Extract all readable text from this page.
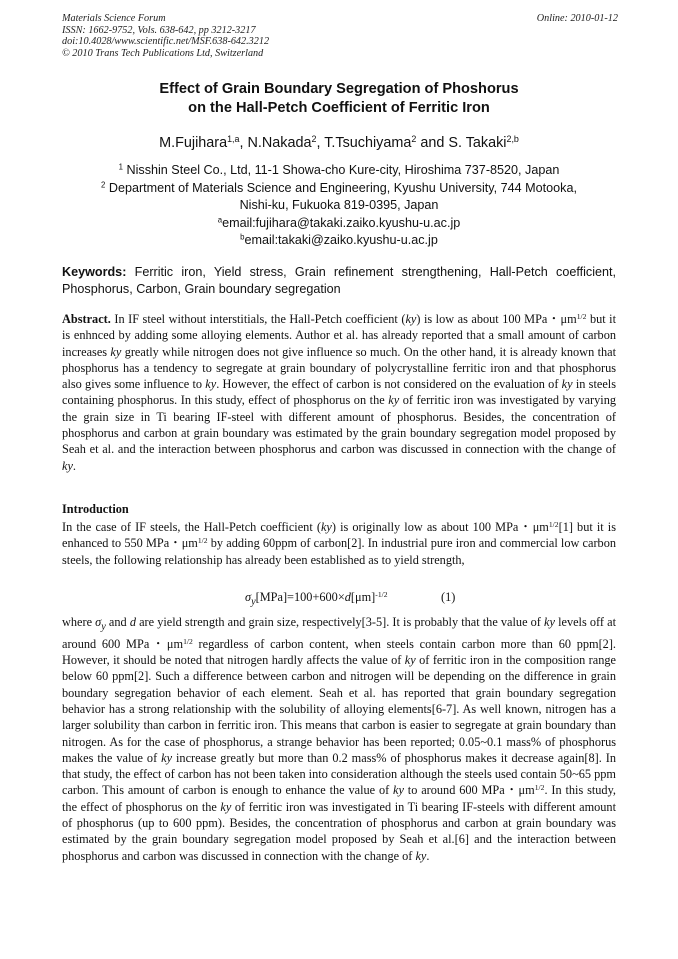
Materials Science Forum
ISSN: 1662-9752, Vols. 638-642, pp 3212-3217
doi:10.4028/www.scientific.net/MSF.638-642.3212
© 2010 Trans Tech Publications Ltd, Switzerland
Online: 2010-01-12
Effect of Grain Boundary Segregation of Phoshorus
on the Hall-Petch Coefficient of Ferritic Iron
M.Fujihara$^{1,a}$, N.Nakada$^2$, T.Tsuchiyama$^2$ and S. Takaki$^{2,b}$
$^1$ Nisshin Steel Co., Ltd, 11-1 Showa-cho Kure-city, Hiroshima 737-8520, Japan
$^2$ Department of Materials Science and Engineering, Kyushu University, 744 Motooka,
Nishi-ku, Fukuoka 819-0395, Japan
$^a$email:fujihara@takaki.zaiko.kyushu-u.ac.jp
$^b$email:takaki@zaiko.kyushu-u.ac.jp
Keywords: Ferritic iron, Yield stress, Grain refinement strengthening, Hall-Petch coefficient, Phosphorus, Carbon, Grain boundary segregation
Abstract. In IF steel without interstitials, the Hall-Petch coefficient (ky) is low as about 100 MPa・$\mu m^{1/2}$ but it is enhnced by adding some alloying elements. Author et al. has already reported that a small amount of carbon increases ky greatly while nitrogen does not give influence so much. On the other hand, it is already known that phosphorus has a tendency to segregate at grain boundary of polycrystalline ferritic iron and that phosphorus also gives some influence to ky. However, the effect of carbon is not considered on the evaluation of ky in steels containing phosphorus. In this study, effect of phosphorus on the ky of ferritic iron was investigated by varying the grain size in Ti bearing IF-steel with different amount of phosphorus. Besides, the concentration of phosphorus and carbon at grain boundary was estimated by the grain boundary segregation model proposed by Seah et al. and the interaction between phosphorus and carbon was discussed in connection with the change of ky.
Introduction
In the case of IF steels, the Hall-Petch coefficient (ky) is originally low as about 100 MPa・$\mu m^{1/2}[1]$ but it is enhanced to 550 MPa・$\mu m^{1/2}$ by adding 60ppm of carbon[2]. In industrial pure iron and commercial low carbon steels, the following relationship has already been established as to yield strength,
$\sigma_y[MPa]=100+600\times d[\mu m]^{-1/2}$	(1)
where $\sigma_y$ and d are yield strength and grain size, respectively[3-5]. It is probably that the value of ky levels off at around 600 MPa・$\mu m^{1/2}$ regardless of carbon content, when steels contain carbon more than 60 ppm[2]. However, it should be noted that nitrogen hardly affects the value of ky of ferritic iron in the composition range below 60 ppm[2]. Such a difference between carbon and nitrogen will be depending on the difference in grain boundary segregation behavior of each element. Seah et al. has reported that grain boundary segregation behavior has a strong relationship with the solubility of alloying elements[6-7]. As well known, nitrogen has a larger solubility than carbon in ferritic iron. This means that carbon is easier to segregate at grain boundary than nitrogen. As for the case of phosphorus, a strange behavior has been reported; 0.05~0.1 mass% of phosphorus makes the value of ky increase greatly but more than 0.2 mass% of phosphorus makes it decrease again[8]. In that study, the effect of carbon has not been taken into consideration although the steels used contain 50~65 ppm carbon. This amount of carbon is enough to enhance the value of ky to around 600 MPa・$\mu m^{1/2}$. In this study, the effect of phosphorus on the ky of ferritic iron was investigated in Ti bearing IF-steels with different amount of phosphorus (up to 600 ppm). Besides, the concentration of phosphorus and carbon at grain boundary was estimated by the grain boundary segregation model proposed by Seah et al.[6] and the interaction between phosphorus and carbon was discussed in connection with the change of ky.
